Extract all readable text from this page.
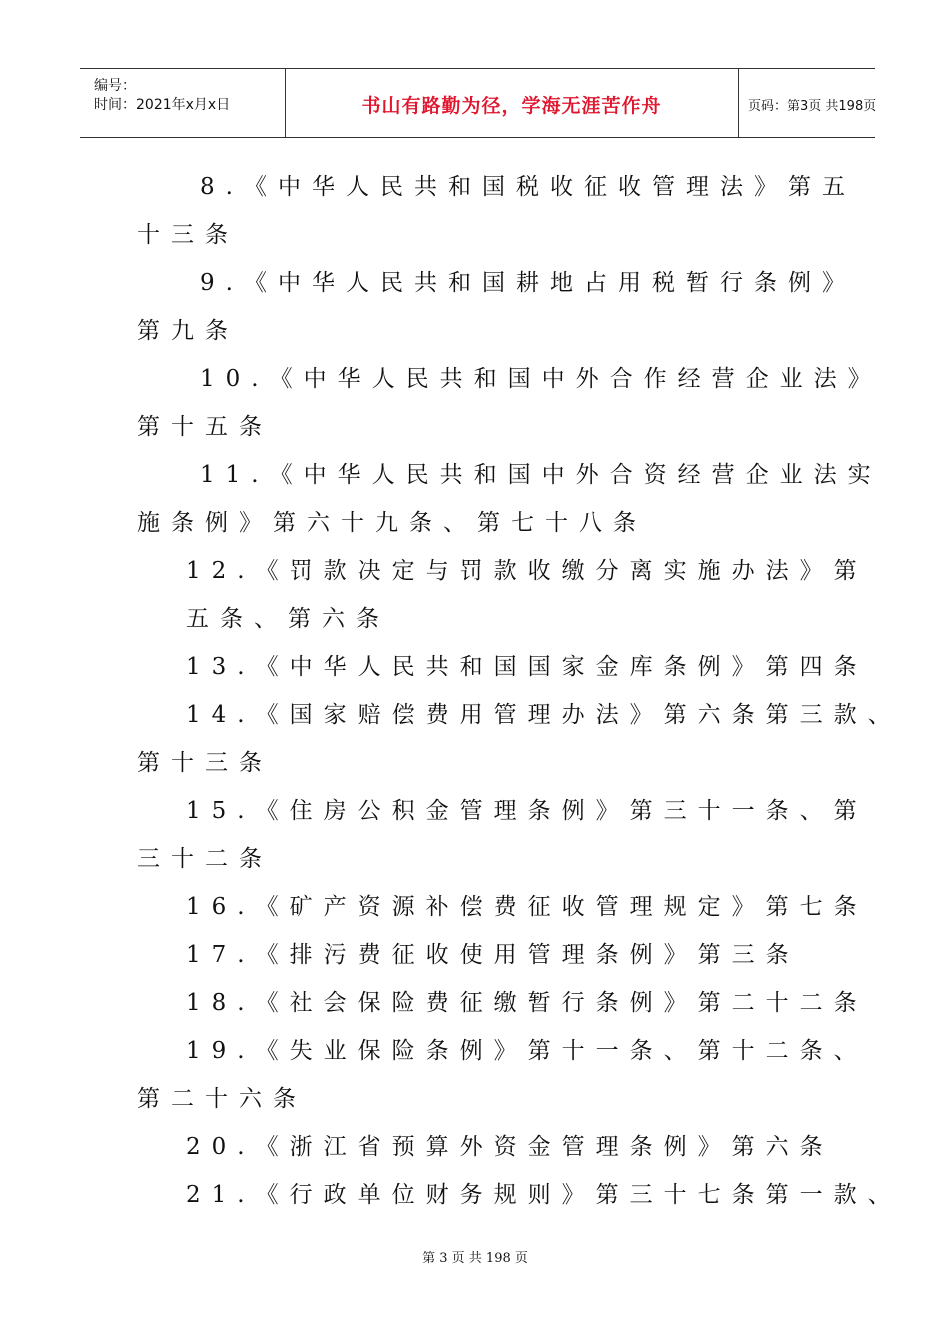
编号：
时间：2021年x月x日	书山有路勤为径，学海无涯苦作舟	页码：第3页 共198页
8.《中华人民共和国税收征收管理法》第五
十三条
9.《中华人民共和国耕地占用税暂行条例》
第九条
10.《中华人民共和国中外合作经营企业法》
第十五条
11.《中华人民共和国中外合资经营企业法实
施条例》第六十九条、第七十八条
12.《罚款决定与罚款收缴分离实施办法》第
五条、第六条
13.《中华人民共和国国家金库条例》第四条
14.《国家赔偿费用管理办法》第六条第三款、
第十三条
15.《住房公积金管理条例》第三十一条、第
三十二条
16.《矿产资源补偿费征收管理规定》第七条
17.《排污费征收使用管理条例》第三条
18.《社会保险费征缴暂行条例》第二十二条
19.《失业保险条例》第十一条、第十二条、
第二十六条
20.《浙江省预算外资金管理条例》第六条
21.《行政单位财务规则》第三十七条第一款、
第 3 页 共 198 页
